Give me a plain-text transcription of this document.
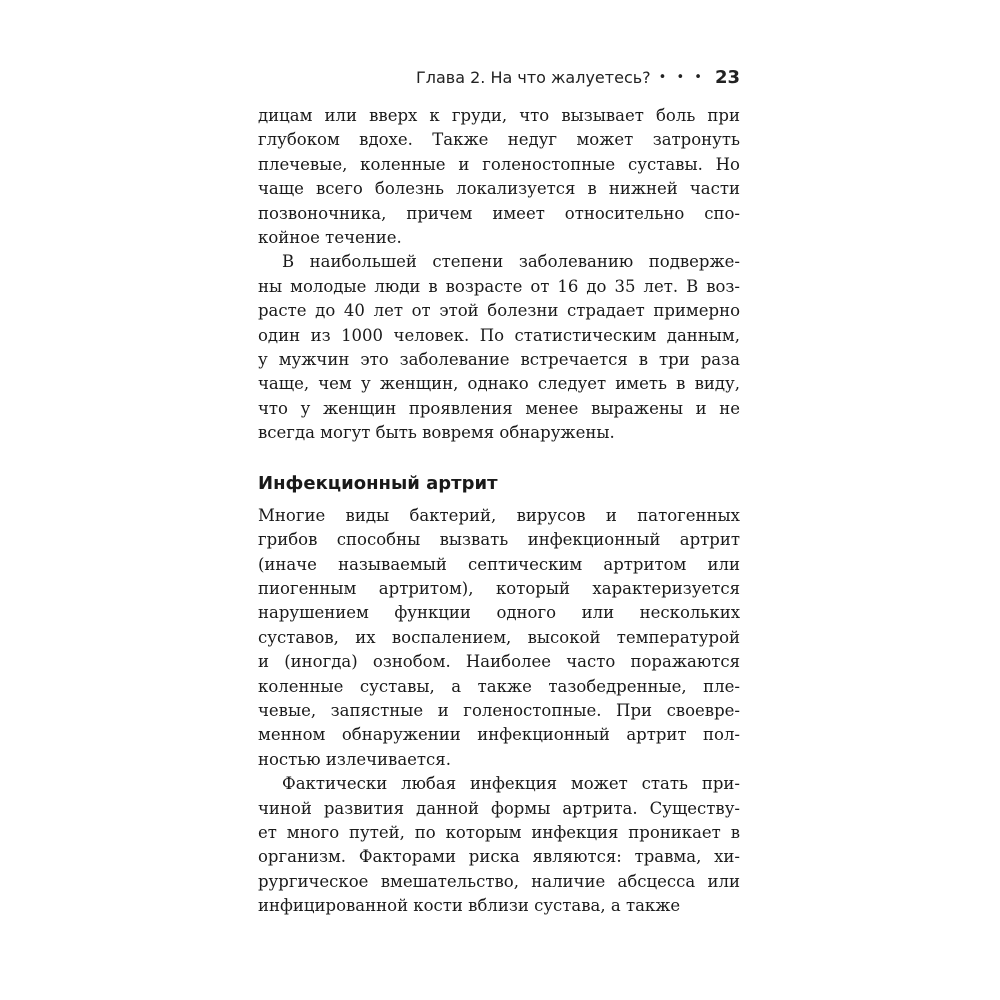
Глава 2. На что жалуетесь? • • • 23
дицам или вверх к груди, что вызывает боль при
глубоком вдохе. Также недуг может затронуть
плечевые, коленные и голеностопные суставы. Но
чаще всего болезнь локализуется в нижней части
позвоночника, причем имеет относительно спо-
койное течение.
В наибольшей степени заболеванию подверже-
ны молодые люди в возрасте от 16 до 35 лет. В воз-
расте до 40 лет от этой болезни страдает примерно
один из 1000 человек. По статистическим данным,
у мужчин это заболевание встречается в три раза
чаще, чем у женщин, однако следует иметь в виду,
что у женщин проявления менее выражены и не
всегда могут быть вовремя обнаружены.
Инфекционный артрит
Многие виды бактерий, вирусов и патогенных
грибов способны вызвать инфекционный артрит
(иначе называемый септическим артритом или
пиогенным артритом), который характеризуется
нарушением функции одного или нескольких
суставов, их воспалением, высокой температурой
и (иногда) ознобом. Наиболее часто поражаются
коленные суставы, а также тазобедренные, пле-
чевые, запястные и голеностопные. При своевре-
менном обнаружении инфекционный артрит пол-
ностью излечивается.
Фактически любая инфекция может стать при-
чиной развития данной формы артрита. Существу-
ет много путей, по которым инфекция проникает в
организм. Факторами риска являются: травма, хи-
рургическое вмешательство, наличие абсцесса или
инфицированной кости вблизи сустава, а также
